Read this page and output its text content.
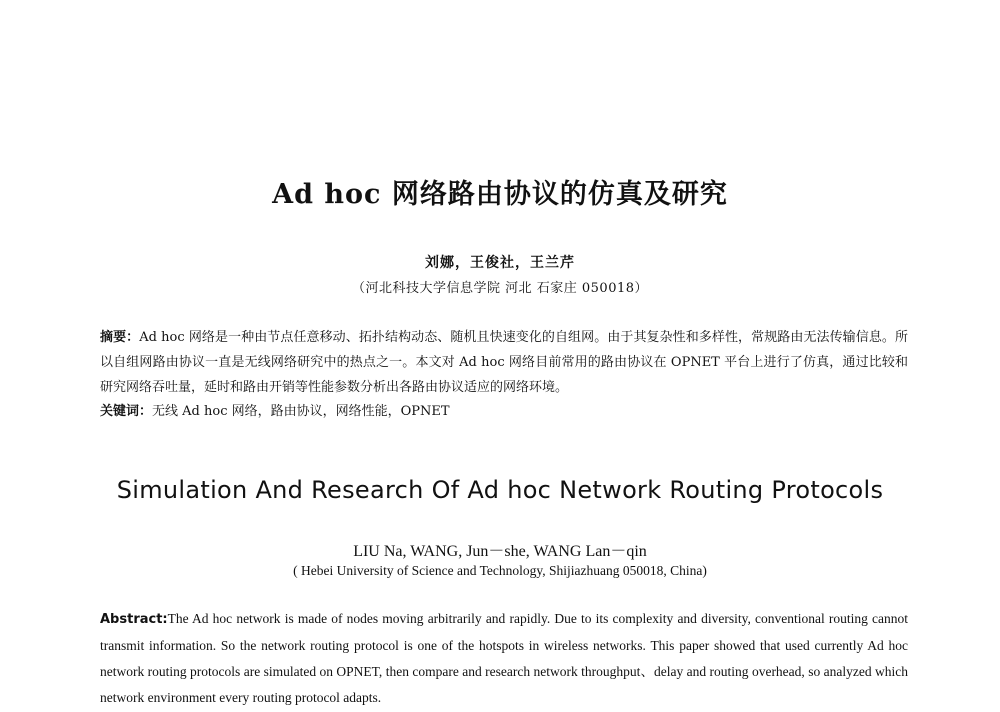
Ad hoc 网络路由协议的仿真及研究
刘娜，王俊社，王兰芹
（河北科技大学信息学院 河北 石家庄 050018）
摘要：Ad hoc 网络是一种由节点任意移动、拓扑结构动态、随机且快速变化的自组网。由于其复杂性和多样性，常规路由无法传输信息。所以自组网路由协议一直是无线网络研究中的热点之一。本文对 Ad hoc 网络目前常用的路由协议在 OPNET 平台上进行了仿真，通过比较和研究网络吞吐量，延时和路由开销等性能参数分析出各路由协议适应的网络环境。
关键词：无线 Ad hoc 网络，路由协议，网络性能，OPNET
Simulation And Research Of Ad hoc Network Routing Protocols
LIU Na, WANG, Jun－she, WANG Lan－qin
( Hebei University of Science and Technology, Shijiazhuang 050018, China)
Abstract:The Ad hoc network is made of nodes moving arbitrarily and rapidly. Due to its complexity and diversity, conventional routing cannot transmit information. So the network routing protocol is one of the hotspots in wireless networks. This paper showed that used currently Ad hoc network routing protocols are simulated on OPNET, then compare and research network throughput、delay and routing overhead, so analyzed which network environment every routing protocol adapts.
